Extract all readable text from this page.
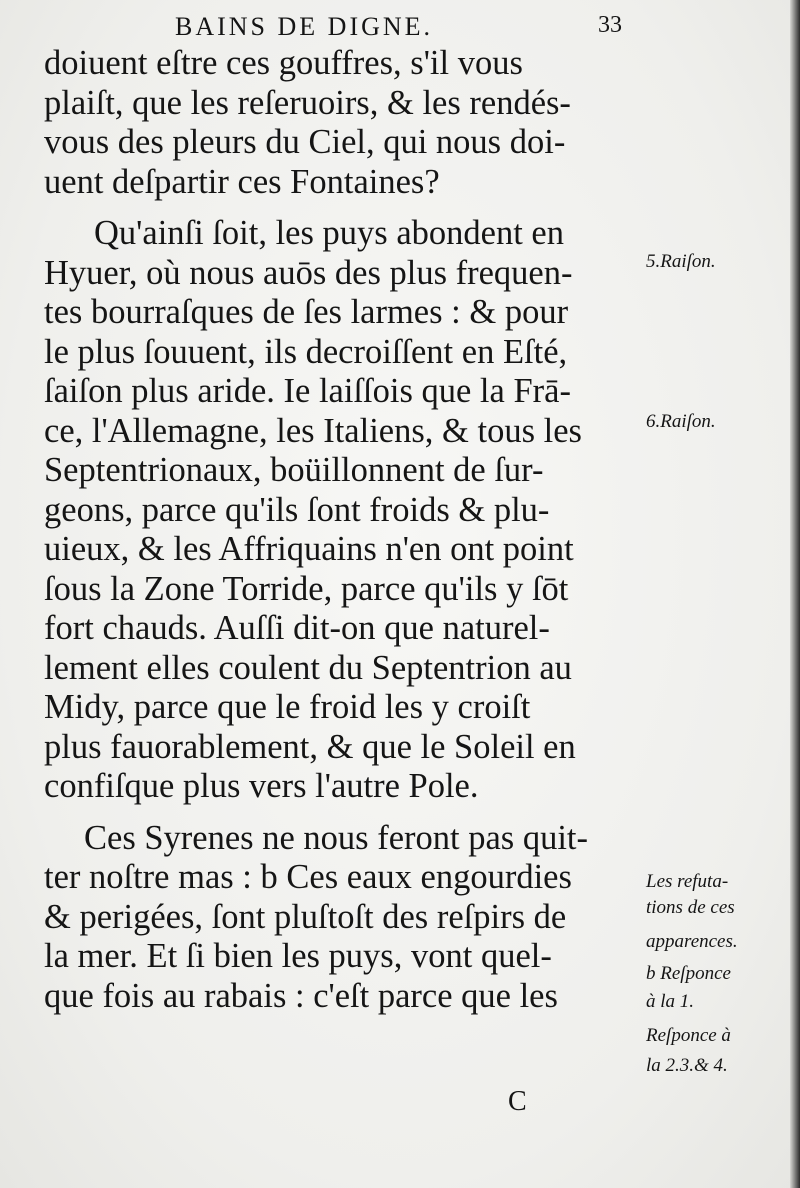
BAINS DE DIGNE.	33
doiuent eſtre ces gouffres, s'il vous
plaiſt, que les reſeruoirs, & les rendés-
vous des pleurs du Ciel, qui nous doi-
uent deſpartir ces Fontaines?
Qu'ainſi ſoit, les puys abondent en
Hyuer, où nous auōs des plus frequen-
tes bourraſques de ſes larmes : & pour
le plus ſouuent, ils decroiſſent en Eſté,
ſaiſon plus aride. Ie laiſſois que la Frā-
ce, l'Allemagne, les Italiens, & tous les
Septentrionaux, boüillonnent de ſur-
geons, parce qu'ils ſont froids & plu-
uieux, & les Affriquains n'en ont point
ſous la Zone Torride, parce qu'ils y ſōt
fort chauds. Auſſi dit-on que naturel-
lement elles coulent du Septentrion au
Midy, parce que le froid les y croiſt
plus fauorablement, & que le Soleil en
confiſque plus vers l'autre Pole.
Ces Syrenes ne nous feront pas quit-
ter noſtre mas : b Ces eaux engourdies
& perigées, ſont pluſtoſt des reſpirs de
la mer. Et ſi bien les puys, vont quel-
que fois au rabais : c'eſt parce que les
5.Raiſon.
6.Raiſon.
Les refuta-
tions de ces
apparences.
b Reſponce
à la 1.
Reſponce à
la 2.3.& 4.
C
